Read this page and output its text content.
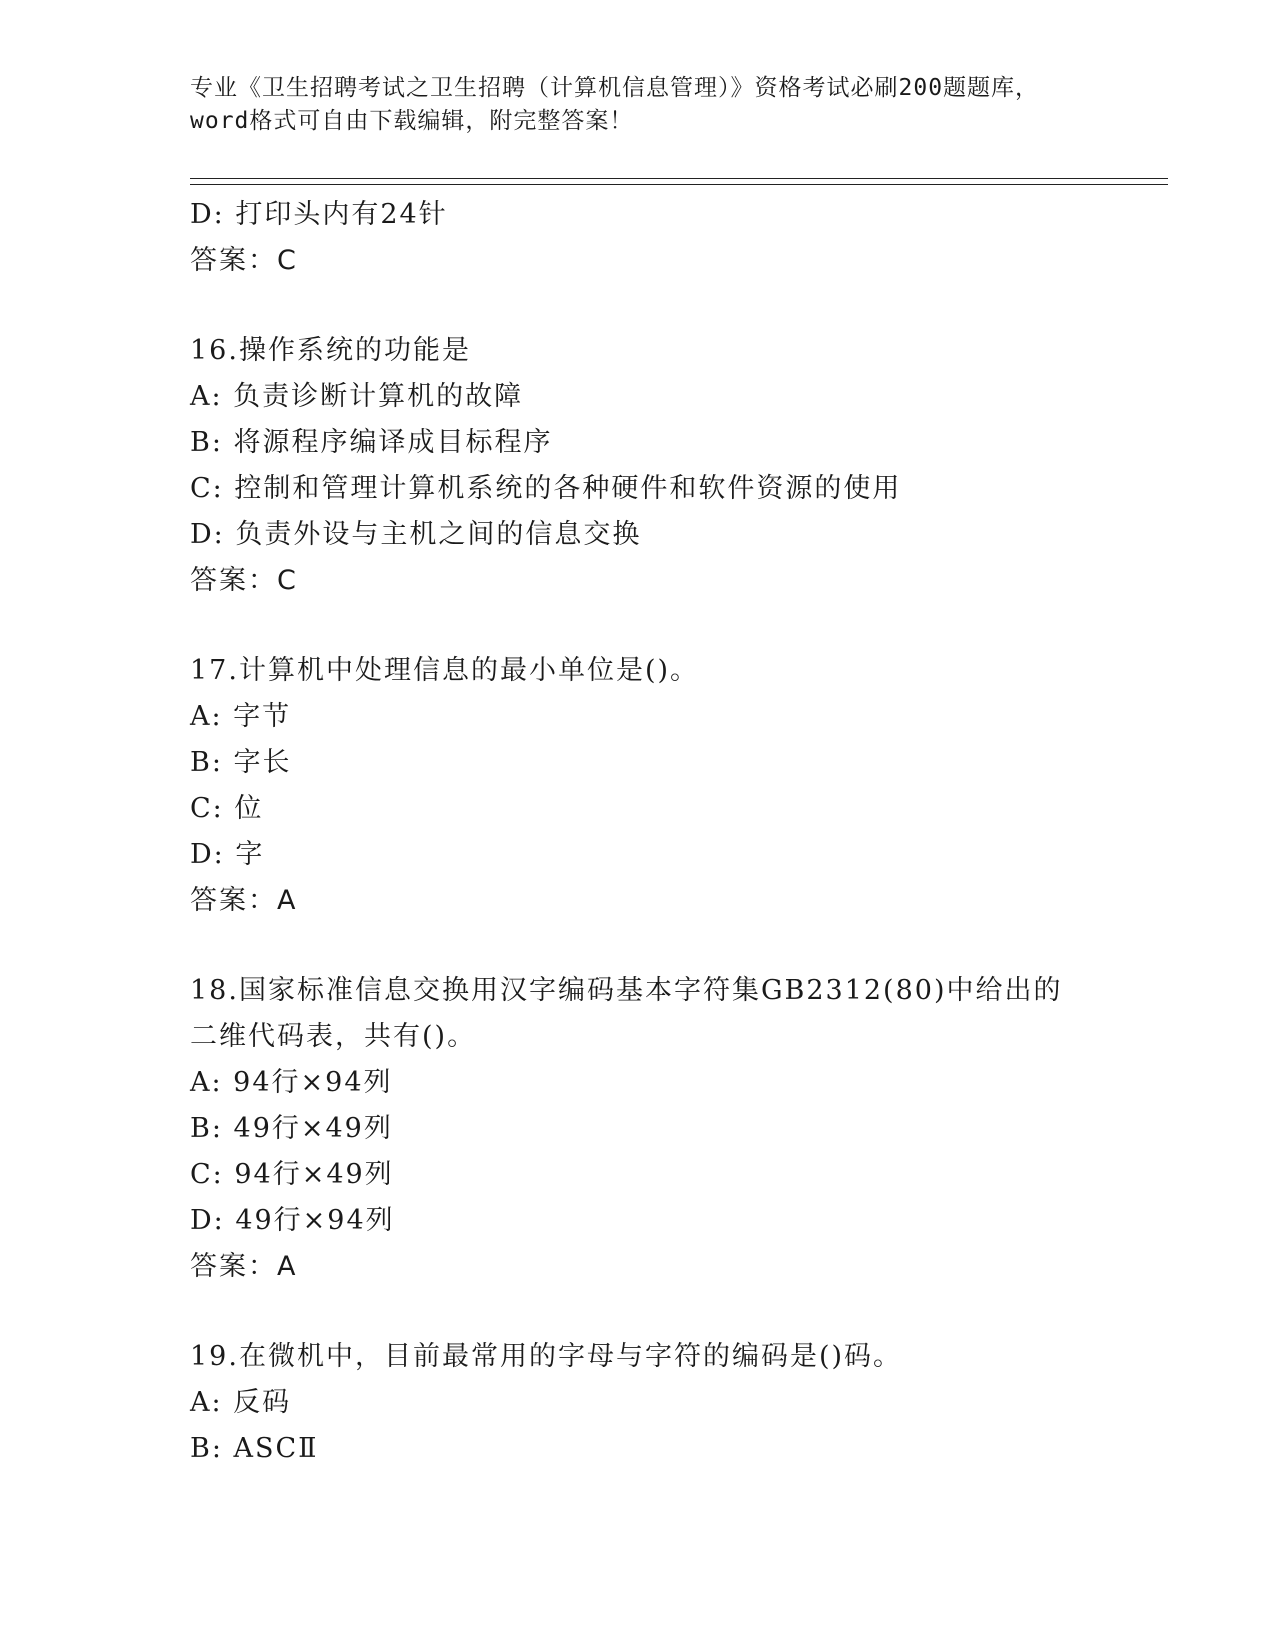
专业《卫生招聘考试之卫生招聘（计算机信息管理）》资格考试必刷200题题库，
word格式可自由下载编辑，附完整答案！
D: 打印头内有24针
答案：C
16.操作系统的功能是
A: 负责诊断计算机的故障
B: 将源程序编译成目标程序
C: 控制和管理计算机系统的各种硬件和软件资源的使用
D: 负责外设与主机之间的信息交换
答案：C
17.计算机中处理信息的最小单位是()。
A: 字节
B: 字长
C: 位
D: 字
答案：A
18.国家标准信息交换用汉字编码基本字符集GB2312(80)中给出的二维代码表，共有()。
A: 94行×94列
B: 49行×49列
C: 94行×49列
D: 49行×94列
答案：A
19.在微机中，目前最常用的字母与字符的编码是()码。
A: 反码
B: ASCⅡ
